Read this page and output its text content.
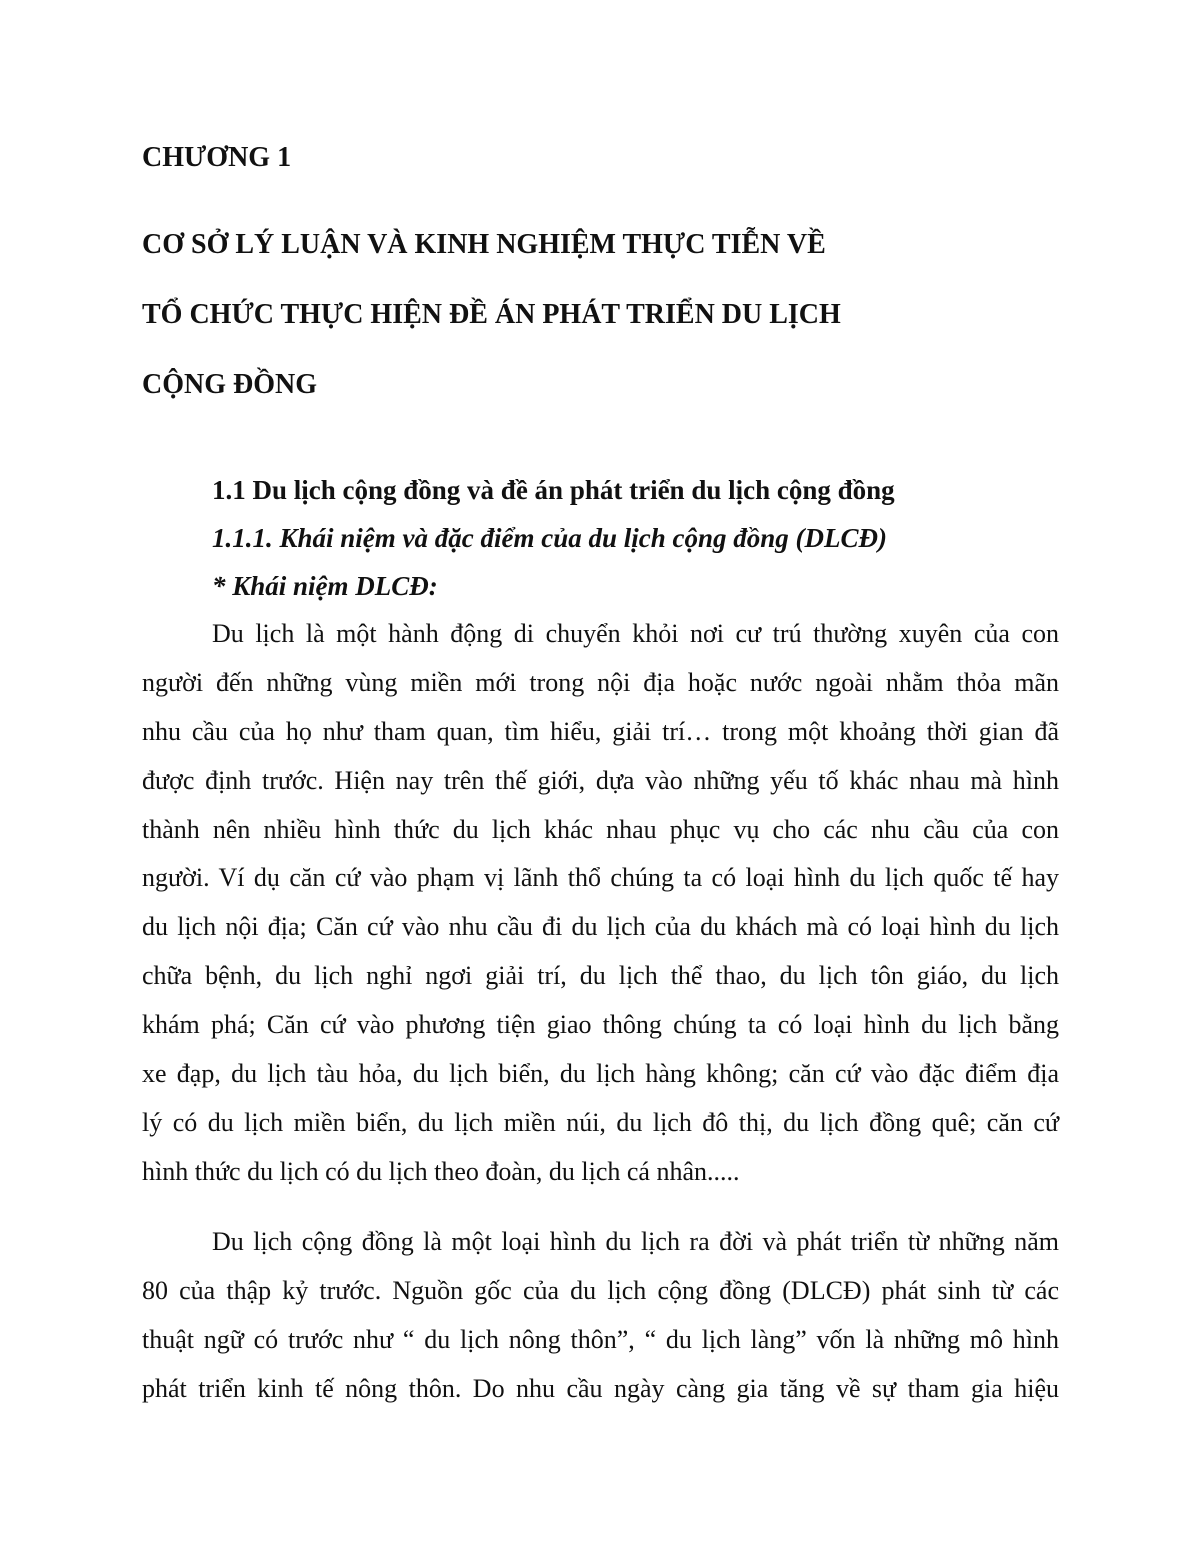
CHƯƠNG 1
CƠ SỞ LÝ LUẬN VÀ KINH NGHIỆM THỰC TIỄN VỀ
TỔ CHỨC THỰC HIỆN ĐỀ ÁN PHÁT TRIỂN DU LỊCH
CỘNG ĐỒNG
1.1 Du lịch cộng đồng và đề án phát triển du lịch cộng đồng
1.1.1. Khái niệm và đặc điểm của du lịch cộng đồng (DLCĐ)
* Khái niệm DLCĐ:

Du lịch là một hành động di chuyển khỏi nơi cư trú thường xuyên của con
người đến những vùng miền mới trong nội địa hoặc nước ngoài nhằm thỏa mãn
nhu cầu của họ như tham quan, tìm hiểu, giải trí… trong một khoảng thời gian đã
được định trước. Hiện nay trên thế giới, dựa vào những yếu tố khác nhau mà hình
thành nên nhiều hình thức du lịch khác nhau phục vụ cho các nhu cầu của con
người. Ví dụ căn cứ vào phạm vị lãnh thổ chúng ta có loại hình du lịch quốc tế hay
du lịch nội địa; Căn cứ vào nhu cầu đi du lịch của du khách mà có loại hình du lịch
chữa bệnh, du lịch nghỉ ngơi giải trí, du lịch thể thao, du lịch tôn giáo, du lịch
khám phá; Căn cứ vào phương tiện giao thông chúng ta có loại hình du lịch bằng
xe đạp, du lịch tàu hỏa, du lịch biển, du lịch hàng không; căn cứ vào đặc điểm địa
lý có du lịch miền biển, du lịch miền núi, du lịch đô thị, du lịch đồng quê; căn cứ
hình thức du lịch có du lịch theo đoàn, du lịch cá nhân.....

Du lịch cộng đồng là một loại hình du lịch ra đời và phát triển từ những năm
80 của thập kỷ trước. Nguồn gốc của du lịch cộng đồng (DLCĐ) phát sinh từ các
thuật ngữ có trước như “ du lịch nông thôn”, “ du lịch làng” vốn là những mô hình
phát triển kinh tế nông thôn. Do nhu cầu ngày càng gia tăng về sự tham gia hiệu
